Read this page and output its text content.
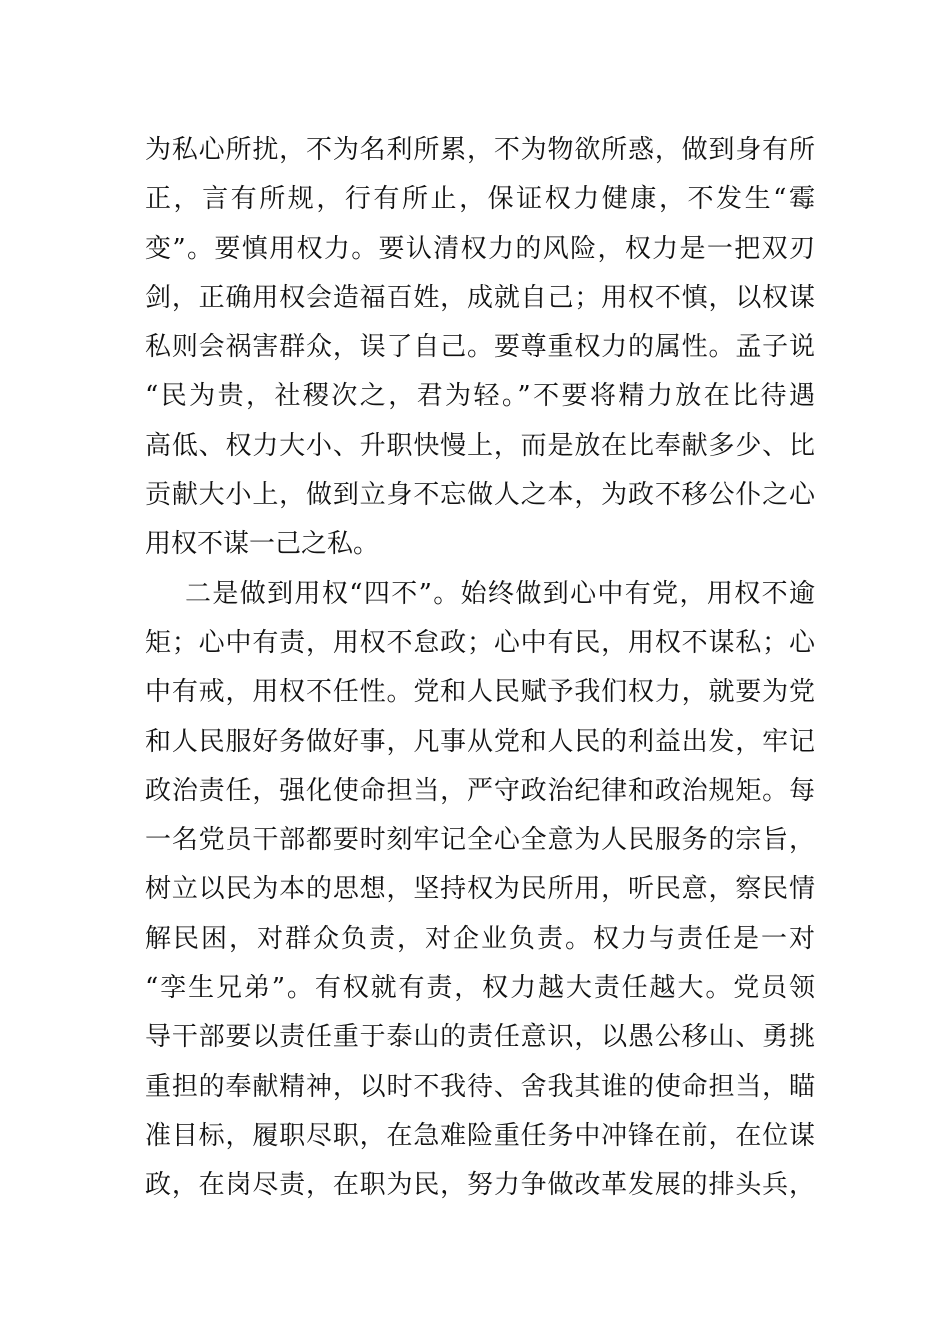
为私心所扰，不为名利所累，不为物欲所惑，做到身有所
正，言有所规，行有所止，保证权力健康，不发生“霉
变”。要慎用权力。要认清权力的风险，权力是一把双刃
剑，正确用权会造福百姓，成就自己；用权不慎，以权谋
私则会祸害群众，误了自己。要尊重权力的属性。孟子说
“民为贵，社稷次之，君为轻。”不要将精力放在比待遇
高低、权力大小、升职快慢上，而是放在比奉献多少、比
贡献大小上，做到立身不忘做人之本，为政不移公仆之心
用权不谋一己之私。
二是做到用权“四不”。始终做到心中有党，用权不逾
矩；心中有责，用权不怠政；心中有民，用权不谋私；心
中有戒，用权不任性。党和人民赋予我们权力，就要为党
和人民服好务做好事，凡事从党和人民的利益出发，牢记
政治责任，强化使命担当，严守政治纪律和政治规矩。每
一名党员干部都要时刻牢记全心全意为人民服务的宗旨，
树立以民为本的思想，坚持权为民所用，听民意，察民情
解民困，对群众负责，对企业负责。权力与责任是一对
“孪生兄弟”。有权就有责，权力越大责任越大。党员领
导干部要以责任重于泰山的责任意识，以愚公移山、勇挑
重担的奉献精神，以时不我待、舍我其谁的使命担当，瞄
准目标，履职尽职，在急难险重任务中冲锋在前，在位谋
政，在岗尽责，在职为民，努力争做改革发展的排头兵，
